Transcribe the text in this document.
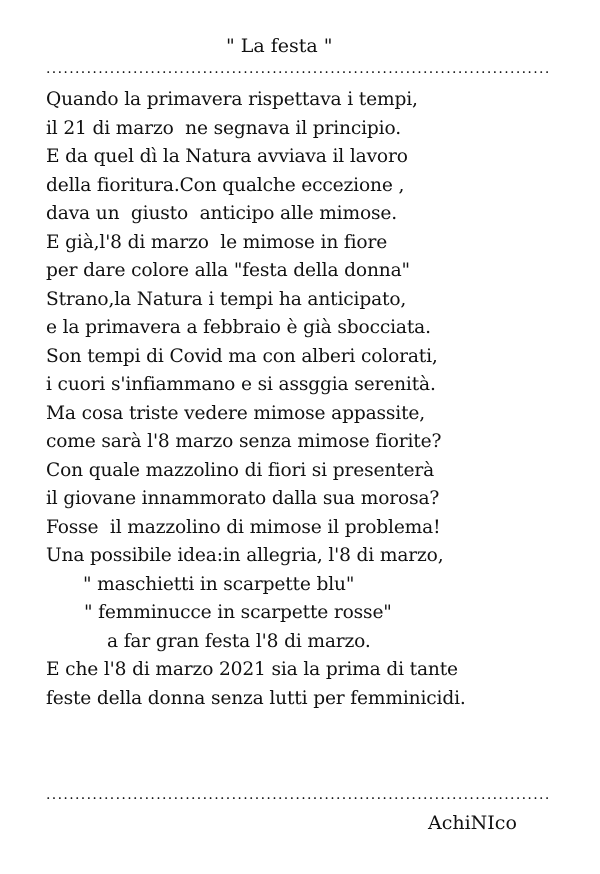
" La festa "
.......................................................................................
Quando la primavera rispettava i tempi,
il 21 di marzo  ne segnava il principio.
E da quel dì la Natura avviava il lavoro
della fioritura.Con qualche eccezione ,
dava un  giusto  anticipo alle mimose.
E già,l'8 di marzo  le mimose in fiore
per dare colore alla "festa della donna"
Strano,la Natura i tempi ha anticipato,
e la primavera a febbraio è già sbocciata.
Son tempi di Covid ma con alberi colorati,
i cuori s'infiammano e si assggia serenità.
Ma cosa triste vedere mimose appassite,
come sarà l'8 marzo senza mimose fiorite?
Con quale mazzolino di fiori si presenterà
il giovane innammorato dalla sua morosa?
Fosse  il mazzolino di mimose il problema!
Una possibile idea:in allegria, l'8 di marzo,
" maschietti in scarpette blu"
" femminucce in scarpette rosse"
a far gran festa l'8 di marzo.
E che l'8 di marzo 2021 sia la prima di tante
feste della donna senza lutti per femminicidi.
.......................................................................................
AchiNIco
